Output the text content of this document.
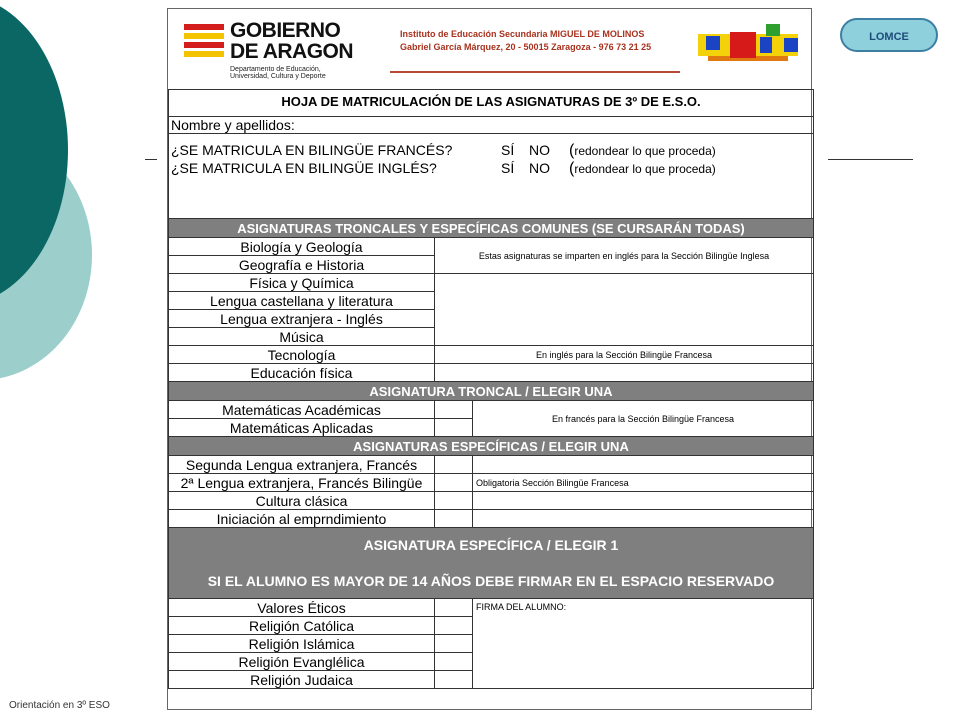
LOMCE
Orientación en 3º ESO
GOBIERNO
DE ARAGON
Departamento de Educación,
Universidad, Cultura y Deporte
Instituto de Educación Secundaria MIGUEL DE MOLINOS
Gabriel García Márquez, 20 - 50015 Zaragoza - 976 73 21 25
HOJA DE MATRICULACIÓN DE LAS ASIGNATURAS DE 3º DE E.S.O.		
Nombre y apellidos:		

¿SE MATRICULA EN BILINGÜE FRANCÉS? SÍ NO (redondear lo que proceda)
¿SE MATRICULA EN BILINGÜE INGLÉS? SÍ NO (redondear lo que proceda)		

ASIGNATURAS TRONCALES Y ESPECÍFICAS COMUNES (SE CURSARÁN TODAS)		
Biología y Geología	Estas asignaturas se imparten en inglés para la Sección Bilingüe Inglesa	
Geografía e Historia		
Física y Química		
Lengua castellana y literatura		
Lengua extranjera - Inglés		
Música		
Tecnología	En inglés para la Sección Bilingüe Francesa	
Educación física		
ASIGNATURA TRONCAL / ELEGIR UNA		
Matemáticas Académicas		En francés para la Sección Bilingüe Francesa
Matemáticas Aplicadas		
ASIGNATURAS ESPECÍFICAS / ELEGIR UNA		
Segunda Lengua extranjera, Francés		
2ª Lengua extranjera, Francés Bilingüe		Obligatoria Sección Bilingüe Francesa
Cultura clásica		
Iniciación al emprndimiento		

ASIGNATURA ESPECÍFICA / ELEGIR 1
SI EL ALUMNO ES MAYOR DE 14 AÑOS DEBE FIRMAR EN EL ESPACIO RESERVADO		

Valores Éticos		FIRMA DEL ALUMNO:
Religión Católica		
Religión Islámica		
Religión Evanglélica		
Religión Judaica		
